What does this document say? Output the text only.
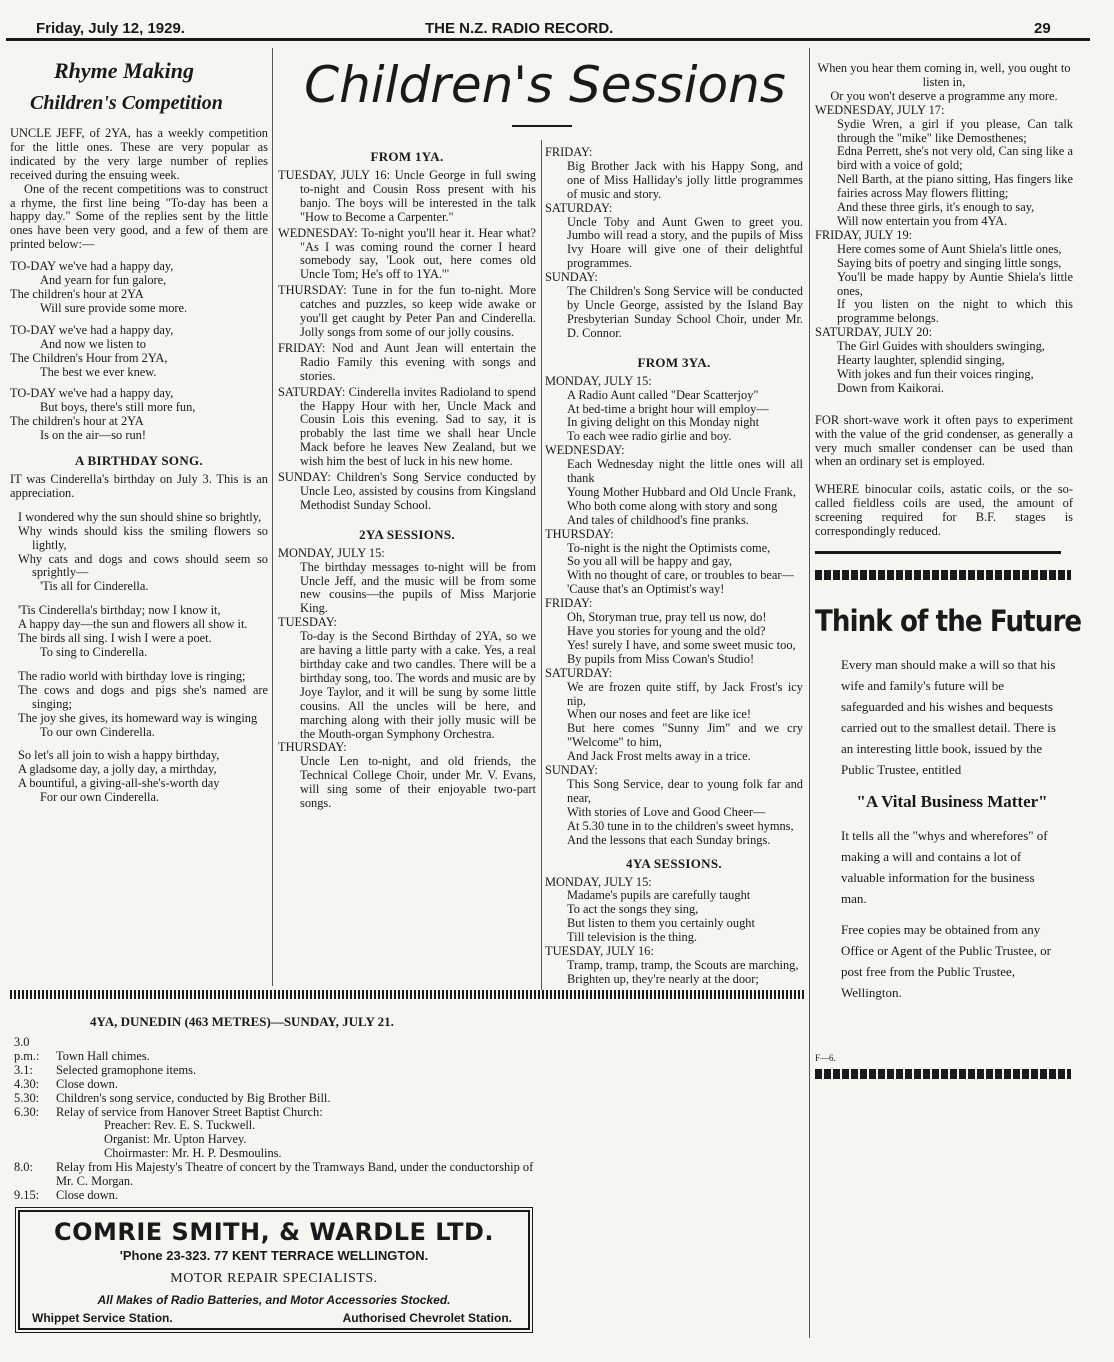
Friday, July 12, 1929.	THE N.Z. RADIO RECORD.	29
Rhyme Making
Children's Competition
UNCLE JEFF, of 2YA, has a weekly competition for the little ones. These are very popular as indicated by the very large number of replies received during the ensuing week.
One of the recent competitions was to construct a rhyme, the first line being "To-day has been a happy day." Some of the replies sent by the little ones have been very good, and a few of them are printed below:—

TO-DAY we've had a happy day,

And yearn for fun galore,

The children's hour at 2YA

Will sure provide some more.

TO-DAY we've had a happy day,

And now we listen to

The Children's Hour from 2YA,

The best we ever knew.

TO-DAY we've had a happy day,

But boys, there's still more fun,

The children's hour at 2YA

Is on the air—so run!

A BIRTHDAY SONG.
IT was Cinderella's birthday on July 3. This is an appreciation.

I wondered why the sun should shine so brightly,

Why winds should kiss the smiling flowers so lightly,

Why cats and dogs and cows should seem so sprightly—

'Tis all for Cinderella.

'Tis Cinderella's birthday; now I know it,

A happy day—the sun and flowers all show it.

The birds all sing. I wish I were a poet.

To sing to Cinderella.

The radio world with birthday love is ringing;

The cows and dogs and pigs she's named are singing;

The joy she gives, its homeward way is winging

To our own Cinderella.

So let's all join to wish a happy birthday,

A gladsome day, a jolly day, a mirthday,

A bountiful, a giving-all-she's-worth day

For our own Cinderella.

Children's Sessions
FROM 1YA.

TUESDAY, JULY 16: Uncle George in full swing to-night and Cousin Ross present with his banjo. The boys will be interested in the talk "How to Become a Carpenter."

WEDNESDAY: To-night you'll hear it. Hear what? "As I was coming round the corner I heard somebody say, 'Look out, here comes old Uncle Tom; He's off to 1YA.'"

THURSDAY: Tune in for the fun to-night. More catches and puzzles, so keep wide awake or you'll get caught by Peter Pan and Cinderella. Jolly songs from some of our jolly cousins.

FRIDAY: Nod and Aunt Jean will entertain the Radio Family this evening with songs and stories.

SATURDAY: Cinderella invites Radioland to spend the Happy Hour with her, Uncle Mack and Cousin Lois this evening. Sad to say, it is probably the last time we shall hear Uncle Mack before he leaves New Zealand, but we wish him the best of luck in his new home.

SUNDAY: Children's Song Service conducted by Uncle Leo, assisted by cousins from Kingsland Methodist Sunday School.

2YA SESSIONS.

MONDAY, JULY 15:

The birthday messages to-night will be from Uncle Jeff, and the music will be from some new cousins—the pupils of Miss Marjorie King.

TUESDAY:

To-day is the Second Birthday of 2YA, so we are having a little party with a cake. Yes, a real birthday cake and two candles. There will be a birthday song, too. The words and music are by Joye Taylor, and it will be sung by some little cousins. All the uncles will be here, and marching along with their jolly music will be the Mouth-organ Symphony Orchestra.

THURSDAY:

Uncle Len to-night, and old friends, the Technical College Choir, under Mr. V. Evans, will sing some of their enjoyable two-part songs.

FRIDAY:

Big Brother Jack with his Happy Song, and one of Miss Halliday's jolly little programmes of music and story.

SATURDAY:

Uncle Toby and Aunt Gwen to greet you. Jumbo will read a story, and the pupils of Miss Ivy Hoare will give one of their delightful programmes.

SUNDAY:

The Children's Song Service will be conducted by Uncle George, assisted by the Island Bay Presbyterian Sunday School Choir, under Mr. D. Connor.

FROM 3YA.

MONDAY, JULY 15:

A Radio Aunt called "Dear Scatterjoy"

At bed-time a bright hour will employ—

In giving delight on this Monday night

To each wee radio girlie and boy.

WEDNESDAY:

Each Wednesday night the little ones will all thank

Young Mother Hubbard and Old Uncle Frank,

Who both come along with story and song

And tales of childhood's fine pranks.

THURSDAY:

To-night is the night the Optimists come,

So you all will be happy and gay,

With no thought of care, or troubles to bear—

'Cause that's an Optimist's way!

FRIDAY:

Oh, Storyman true, pray tell us now, do!

Have you stories for young and the old?

Yes! surely I have, and some sweet music too,

By pupils from Miss Cowan's Studio!

SATURDAY:

We are frozen quite stiff, by Jack Frost's icy nip,

When our noses and feet are like ice!

But here comes "Sunny Jim" and we cry "Welcome" to him,

And Jack Frost melts away in a trice.

SUNDAY:

This Song Service, dear to young folk far and near,

With stories of Love and Good Cheer—

At 5.30 tune in to the children's sweet hymns,

And the lessons that each Sunday brings.

4YA SESSIONS.

MONDAY, JULY 15:

Madame's pupils are carefully taught

To act the songs they sing,

But listen to them you certainly ought

Till television is the thing.

TUESDAY, JULY 16:

Tramp, tramp, tramp, the Scouts are marching,

Brighten up, they're nearly at the door;

When you hear them coming in, well, you ought to listen in,

Or you won't deserve a programme any more.

WEDNESDAY, JULY 17:

Sydie Wren, a girl if you please, Can talk through the "mike" like Demosthenes;

Edna Perrett, she's not very old, Can sing like a bird with a voice of gold;

Nell Barth, at the piano sitting, Has fingers like fairies across May flowers flitting;

And these three girls, it's enough to say,

Will now entertain you from 4YA.

FRIDAY, JULY 19:

Here comes some of Aunt Shiela's little ones,

Saying bits of poetry and singing little songs,

You'll be made happy by Auntie Shiela's little ones,

If you listen on the night to which this programme belongs.

SATURDAY, JULY 20:

The Girl Guides with shoulders swinging,

Hearty laughter, splendid singing,

With jokes and fun their voices ringing,

Down from Kaikorai.

FOR short-wave work it often pays to experiment with the value of the grid condenser, as generally a very much smaller condenser can be used than when an ordinary set is employed.
WHERE binocular coils, astatic coils, or the so-called fieldless coils are used, the amount of screening required for B.F. stages is correspondingly reduced.
Think of the Future

Every man should make a will so that his wife and family's future will be safeguarded and his wishes and bequests carried out to the smallest detail. There is an interesting little book, issued by the Public Trustee, entitled

"A Vital Business Matter"

It tells all the "whys and wherefores" of making a will and contains a lot of valuable information for the business man.

Free copies may be obtained from any Office or Agent of the Public Trustee, or post free from the Public Trustee, Wellington.

F—6.
4YA, DUNEDIN (463 METRES)—SUNDAY, JULY 21.

3.0 p.m.: Town Hall chimes.

3.1: Selected gramophone items.

4.30: Close down.

5.30: Children's song service, conducted by Big Brother Bill.

6.30: Relay of service from Hanover Street Baptist Church:

Preacher: Rev. E. S. Tuckwell.

Organist: Mr. Upton Harvey.

Choirmaster: Mr. H. P. Desmoulins.

8.0: Relay from His Majesty's Theatre of concert by the Tramways Band, under the conductorship of Mr. C. Morgan.

9.15: Close down.

COMRIE SMITH, & WARDLE LTD.
'Phone 23-323. 77 KENT TERRACE WELLINGTON.
MOTOR REPAIR SPECIALISTS.
All Makes of Radio Batteries, and Motor Accessories Stocked.
Whippet Service Station.	Authorised Chevrolet Station.
